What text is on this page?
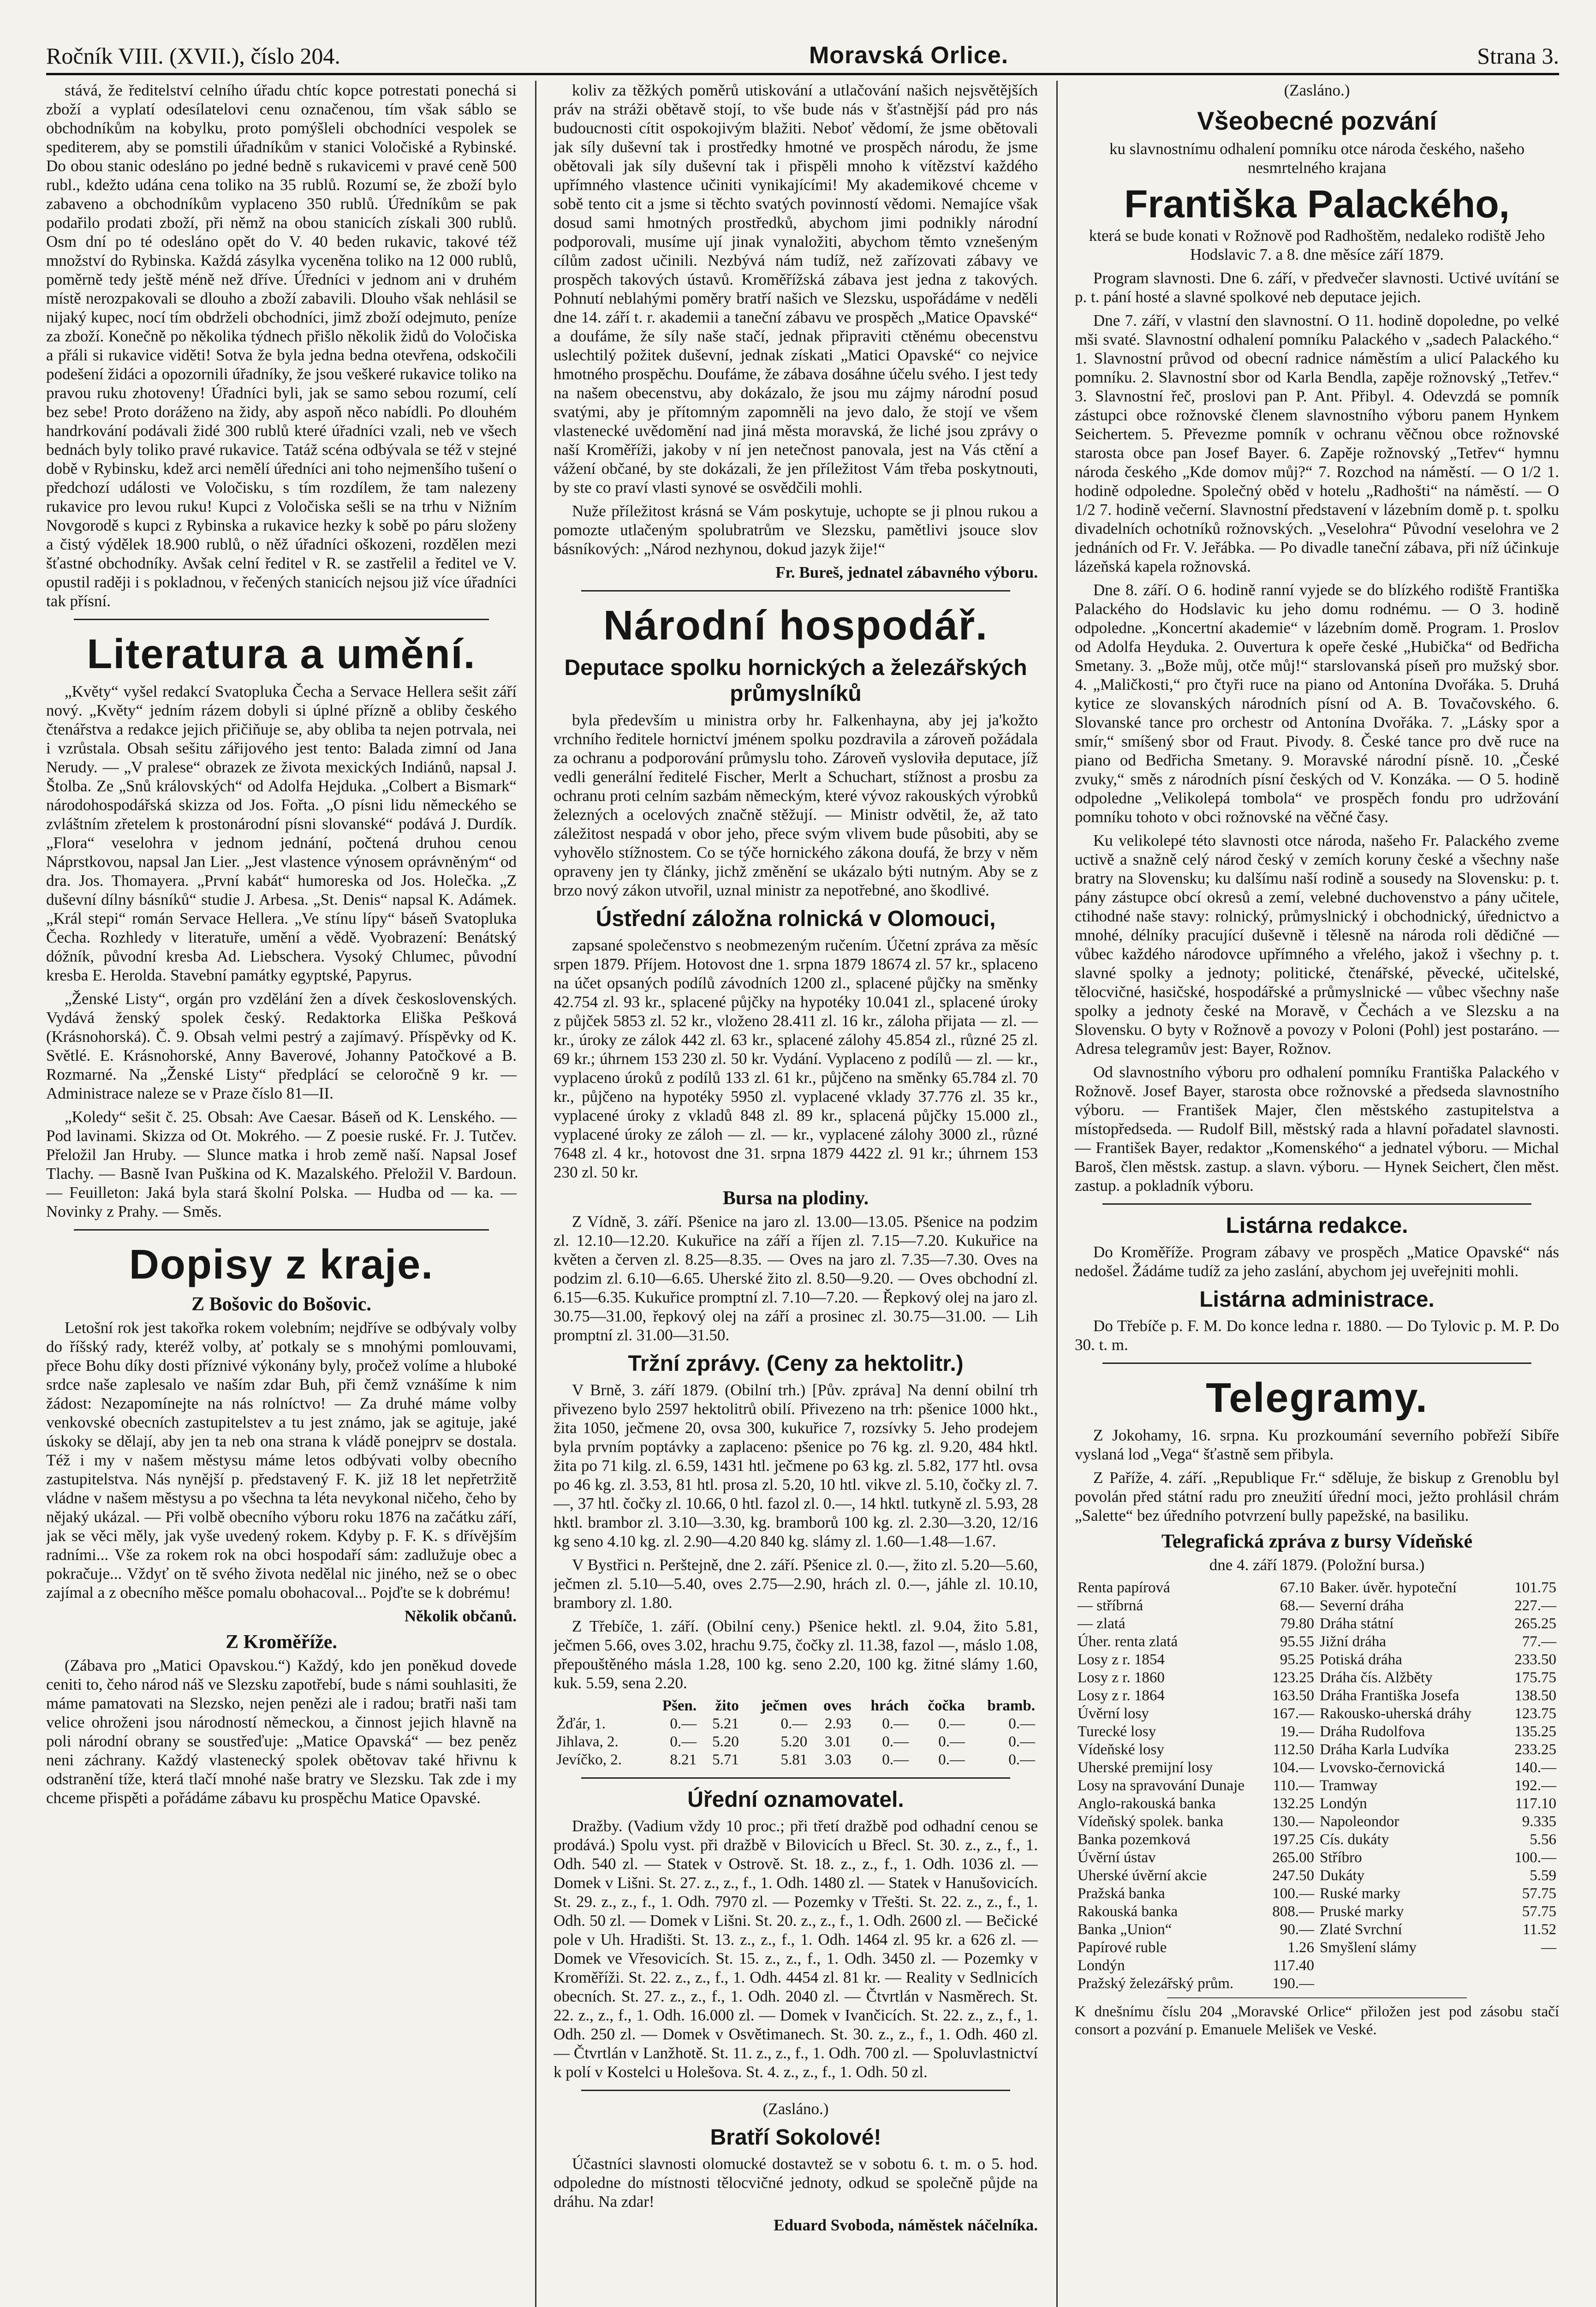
Ročník VIII. (XVII.), číslo 204.	Moravská Orlice.	Strana 3.

stává, že ředitelství celního úřadu chtíc kopce potrestati ponechá si zboží a vyplatí odesílatelovi cenu označenou, tím však sáblo se obchodníkům na kobylku, proto pomýšleli obchodníci vespolek se spediterem, aby se pomstili úřadníkům v stanici Voločiské a Rybinské. Do obou stanic odesláno po jedné bedně s rukavicemi v pravé ceně 500 rubl., kdežto udána cena toliko na 35 rublů. Rozumí se, že zboží bylo zabaveno a obchodníkům vyplaceno 350 rublů. Úředníkům se pak podařilo prodati zboží, při němž na obou stanicích získali 300 rublů. Osm dní po té odesláno opět do V. 40 beden rukavic, takové též množství do Rybinska. Každá zásylka vyceněna toliko na 12 000 rublů, poměrně tedy ještě méně než dříve. Úředníci v jednom ani v druhém místě nerozpakovali se dlouho a zboží zabavili. Dlouho však nehlásil se nijaký kupec, nocí tím obdrželi obchodníci, jimž zboží odejmuto, peníze za zboží. Konečně po několika týdnech přišlo několik židů do Voločiska a přáli si rukavice viděti! Sotva že byla jedna bedna otevřena, odskočili podešení židáci a opozornili úřadníky, že jsou veškeré rukavice toliko na pravou ruku zhotoveny! Úřadníci byli, jak se samo sebou rozumí, celí bez sebe! Proto doráženo na židy, aby aspoň něco nabídli. Po dlouhém handrkování podávali židé 300 rublů které úřadníci vzali, neb ve všech bednách byly toliko pravé rukavice. Tatáž scéna odbývala se též v stejné době v Rybinsku, kdež arci nemělí úředníci ani toho nejmenšího tušení o předchozí události ve Voločisku, s tím rozdílem, že tam nalezeny rukavice pro levou ruku! Kupci z Voločiska sešli se na trhu v Nižním Novgorodě s kupci z Rybinska a rukavice hezky k sobě po páru složeny a čistý výdělek 18.900 rublů, o něž úřadníci oškozeni, rozdělen mezi šťastné obchodníky. Avšak celní ředitel v R. se zastřelil a ředitel ve V. opustil raději i s pokladnou, v řečených stanicích nejsou již více úřadníci tak přísní.

Literatura a umění.

„Květy“ vyšel redakcí Svatopluka Čecha a Servace Hellera sešit září nový. „Květy“ jedním rázem dobyli si úplné přízně a obliby českého čtenářstva a redakce jejich přičiňuje se, aby obliba ta nejen potrvala, nei i vzrůstala. Obsah sešitu zářijového jest tento: Balada zimní od Jana Nerudy. — „V pralese“ obrazek ze života mexických Indiánů, napsal J. Štolba. Ze „Snů královských“ od Adolfa Hejduka. „Colbert a Bismark“ národohospodářská skizza od Jos. Fořta. „O písni lidu německého se zvláštním zřetelem k prostonárodní písni slovanské“ podává J. Durdík. „Flora“ veselohra v jednom jednání, počtená druhou cenou Náprstkovou, napsal Jan Lier. „Jest vlastence výnosem oprávněným“ od dra. Jos. Thomayera. „První kabát“ humoreska od Jos. Holečka. „Z duševní dílny básníků“ studie J. Arbesa. „St. Denis“ napsal K. Adámek. „Král stepi“ román Servace Hellera. „Ve stínu lípy“ báseň Svatopluka Čecha. Rozhledy v literatuře, umění a vědě. Vyobrazení: Benátský dóžník, původní kresba Ad. Liebschera. Vysoký Chlumec, původní kresba E. Herolda. Stavební památky egyptské, Papyrus.

„Ženské Listy“, orgán pro vzdělání žen a dívek československých. Vydává ženský spolek český. Redaktorka Eliška Pešková (Krásnohorská). Č. 9. Obsah velmi pestrý a zajímavý. Příspěvky od K. Světlé. E. Krásnohorské, Anny Baverové, Johanny Patočkové a B. Rozmarné. Na „Ženské Listy“ předplácí se celoročně 9 kr. — Administrace naleze se v Praze číslo 81—II.

„Koledy“ sešit č. 25. Obsah: Ave Caesar. Báseň od K. Lenského. — Pod lavinami. Skizza od Ot. Mokrého. — Z poesie ruské. Fr. J. Tutčev. Přeložil Jan Hruby. — Slunce matka i hrob země naší. Napsal Josef Tlachy. — Basně Ivan Puškina od K. Mazalského. Přeložil V. Bardoun. — Feuilleton: Jaká byla stará školní Polska. — Hudba od — ka. — Novinky z Prahy. — Směs.

Dopisy z kraje.
Z Bošovic do Bošovic.

Letošní rok jest takořka rokem volebním; nejdříve se odbývaly volby do říšský rady, kteréž volby, ať potkaly se s mnohými pomlouvami, přece Bohu díky dosti příznivé výkonány byly, pročež volíme a hluboké srdce naše zaplesalo ve naším zdar Buh, při čemž vznášíme k nim žádost: Nezapomínejte na nás rolníctvo! — Za druhé máme volby venkovské obecních zastupitelstev a tu jest známo, jak se agituje, jaké úskoky se dělají, aby jen ta neb ona strana k vládě ponejprv se dostala. Též i my v našem městysu máme letos odbývati volby obecního zastupitelstva. Nás nynější p. představený F. K. již 18 let nepřetržitě vládne v našem městysu a po všechna ta léta nevykonal ničeho, čeho by nějaký ukázal. — Při volbě obecního výboru roku 1876 na začátku září, jak se věci měly, jak vyše uvedený rokem. Kdyby p. F. K. s dřívějším radními... Vše za rokem rok na obci hospodaří sám: zadlužuje obec a pokračuje... Vždyť on tě svého života nedělal nic jiného, než se o obec zajímal a z obecního měšce pomalu obohacoval... Pojďte se k dobrému!

Několik občanů.

Z Kroměříže.

(Zábava pro „Matici Opavskou.“) Každý, kdo jen poněkud dovede ceniti to, čeho národ náš ve Slezsku zapotřebí, bude s námi souhlasiti, že máme pamatovati na Slezsko, nejen penězi ale i radou; bratři naši tam velice ohroženi jsou národností německou, a činnost jejich hlavně na poli národní obrany se soustřeďuje: „Matice Opavská“ — bez peněz neni záchrany. Každý vlastenecký spolek obětovav také hřivnu k odstranění tíže, která tlačí mnohé naše bratry ve Slezsku. Tak zde i my chceme přispěti a pořádáme zábavu ku prospěchu Matice Opavské.

koliv za těžkých poměrů utiskování a utlačování našich nejsvětějších práv na stráži obětavě stojí, to vše bude nás v šťastnější pád pro nás budoucnosti cítit ospokojivým blažiti. Neboť vědomí, že jsme obětovali jak síly duševní tak i prostředky hmotné ve prospěch národu, že jsme obětovali jak síly duševní tak i přispěli mnoho k vítězství každého upřímného vlastence učiniti vynikajícími! My akademikové chceme v sobě tento cit a jsme si těchto svatých povinností vědomi. Nemajíce však dosud sami hmotných prostředků, abychom jimi podnikly národní podporovali, musíme ují jinak vynaložiti, abychom těmto vznešeným cílům zadost učinili. Nezbývá nám tudíž, než zařízovati zábavy ve prospěch takových ústavů. Kroměřížská zábava jest jedna z takových. Pohnutí neblahými poměry bratří našich ve Slezsku, uspořádáme v neděli dne 14. září t. r. akademii a taneční zábavu ve prospěch „Matice Opavské“ a doufáme, že síly naše stačí, jednak připraviti ctěnému obecenstvu uslechtilý požitek duševní, jednak získati „Matici Opavské“ co nejvice hmotného prospěchu. Doufáme, že zábava dosáhne účelu svého. I jest tedy na našem obecenstvu, aby dokázalo, že jsou mu zájmy národní posud svatými, aby je přítomným zapomněli na jevo dalo, že stojí ve všem vlastenecké uvědomění nad jiná města moravská, že liché jsou zprávy o naší Kroměříži, jakoby v ní jen netečnost panovala, jest na Vás ctění a vážení občané, by ste dokázali, že jen příležitost Vám třeba poskytnouti, by ste co praví vlasti synové se osvědčili mohli.

Nuže příležitost krásná se Vám poskytuje, uchopte se ji plnou rukou a pomozte utlačeným spolubratrům ve Slezsku, pamětlivi jsouce slov básníkových: „Národ nezhynou, dokud jazyk žije!“

Fr. Bureš, jednatel zábavného výboru.

Národní hospodář.
Deputace spolku hornických a železářských průmyslníků

byla především u ministra orby hr. Falkenhayna, aby jej ja'kožto vrchního ředitele hornictví jménem spolku pozdravila a zároveň požádala za ochranu a podporování průmyslu toho. Zároveň vysloviła deputace, jíž vedli generální ředitelé Fischer, Merlt a Schuchart, stížnost a prosbu za ochranu proti celním sazbám německým, které vývoz rakouských výrobků železných a ocelových značně stěžují. — Ministr odvětil, že, až tato záležitost nespadá v obor jeho, přece svým vlivem bude působiti, aby se vyhovělo stížnostem. Co se týče hornického zákona doufá, že brzy v něm opraveny jen ty články, jichž změnění se ukázalo býti nutným. Aby se z brzo nový zákon utvořil, uznal ministr za nepotřebné, ano škodlivé.

Ústřední záložna rolnická v Olomouci,

zapsané společenstvo s neobmezeným ručením. Účetní zpráva za měsíc srpen 1879. Příjem. Hotovost dne 1. srpna 1879 18674 zl. 57 kr., splaceno na účet opsaných podílů závodních 1200 zl., splacené půjčky na směnky 42.754 zl. 93 kr., splacené půjčky na hypotéky 10.041 zl., splacené úroky z půjček 5853 zl. 52 kr., vloženo 28.411 zl. 16 kr., záloha přijata — zl. — kr., úroky ze zálok 442 zl. 63 kr., splacené zálohy 45.854 zl., různé 25 zl. 69 kr.; úhrnem 153 230 zl. 50 kr. Vydání. Vyplaceno z podílů — zl. — kr., vyplaceno úroků z podílů 133 zl. 61 kr., půjčeno na směnky 65.784 zl. 70 kr., půjčeno na hypotéky 5950 zl. vyplacené vklady 37.776 zl. 35 kr., vyplacené úroky z vkladů 848 zl. 89 kr., splacená půjčky 15.000 zl., vyplacené úroky ze záloh — zl. — kr., vyplacené zálohy 3000 zl., různé 7648 zl. 4 kr., hotovost dne 31. srpna 1879 4422 zl. 91 kr.; úhrnem 153 230 zl. 50 kr.

Bursa na plodiny.

Z Vídně, 3. září. Pšenice na jaro zl. 13.00—13.05. Pšenice na podzim zl. 12.10—12.20. Kukuřice na září a říjen zl. 7.15—7.20. Kukuřice na květen a červen zl. 8.25—8.35. — Oves na jaro zl. 7.35—7.30. Oves na podzim zl. 6.10—6.65. Uherské žito zl. 8.50—9.20. — Oves obchodní zl. 6.15—6.35. Kukuřice promptní zl. 7.10—7.20. — Řepkový olej na jaro zl. 30.75—31.00, řepkový olej na září a prosinec zl. 30.75—31.00. — Lih promptní zl. 31.00—31.50.

Tržní zprávy. (Ceny za hektolitr.)

V Brně, 3. září 1879. (Obilní trh.) [Pův. zpráva] Na denní obilní trh přivezeno bylo 2597 hektolitrů obilí. Přivezeno na trh: pšenice 1000 hkt., žita 1050, ječmene 20, ovsa 300, kukuřice 7, rozsívky 5. Jeho prodejem byla prvním poptávky a zaplaceno: pšenice po 76 kg. zl. 9.20, 484 hktl. žita po 71 kilg. zl. 6.59, 1431 htl. ječmene po 63 kg. zl. 5.82, 177 htl. ovsa po 46 kg. zl. 3.53, 81 htl. prosa zl. 5.20, 10 htl. vikve zl. 5.10, čočky zl. 7.—, 37 htl. čočky zl. 10.66, 0 htl. fazol zl. 0.—, 14 hktl. tutkyně zl. 5.93, 28 hktl. brambor zl. 3.10—3.30, kg. bramborů 100 kg. zl. 2.30—3.20, 12/16 kg seno 4.10 kg. zl. 2.90—4.20 840 kg. slámy zl. 1.60—1.48—1.67.

V Bystřici n. Perštejně, dne 2. září. Pšenice zl. 0.—, žito zl. 5.20—5.60, ječmen zl. 5.10—5.40, oves 2.75—2.90, hrách zl. 0.—, jáhle zl. 10.10, brambory zl. 1.80.

Z Třebíče, 1. září. (Obilní ceny.) Pšenice hektl. zl. 9.04, žito 5.81, ječmen 5.66, oves 3.02, hrachu 9.75, čočky zl. 11.38, fazol —, máslo 1.08, přepouštěného másla 1.28, 100 kg. seno 2.20, 100 kg. žitné slámy 1.60, kuk. 5.59, sena 2.20.

	Pšen.	žito	ječmen	oves	hrách	čočka	bramb.
Žďár, 1.	0.—	5.21	0.—	2.93	0.—	0.—	0.—
Jihlava, 2.	0.—	5.20	5.20	3.01	0.—	0.—	0.—
Jevíčko, 2.	8.21	5.71	5.81	3.03	0.—	0.—	0.—
Úřední oznamovatel.

Dražby. (Vadium vždy 10 proc.; při třetí dražbě pod odhadní cenou se prodává.) Spolu vyst. při dražbě v Bilovicích u Břecl. St. 30. z., z., f., 1. Odh. 540 zl. — Statek v Ostrově. St. 18. z., z., f., 1. Odh. 1036 zl. — Domek v Lišni. St. 27. z., z., f., 1. Odh. 1480 zl. — Statek v Hanušovicích. St. 29. z., z., f., 1. Odh. 7970 zl. — Pozemky v Třešti. St. 22. z., z., f., 1. Odh. 50 zl. — Domek v Lišni. St. 20. z., z., f., 1. Odh. 2600 zl. — Bečické pole v Uh. Hradišti. St. 13. z., z., f., 1. Odh. 1464 zl. 95 kr. a 626 zl. — Domek ve Vřesovicích. St. 15. z., z., f., 1. Odh. 3450 zl. — Pozemky v Kroměříži. St. 22. z., z., f., 1. Odh. 4454 zl. 81 kr. — Reality v Sedlnicích obecních. St. 27. z., z., f., 1. Odh. 2040 zl. — Čtvrtlán v Nasměrech. St. 22. z., z., f., 1. Odh. 16.000 zl. — Domek v Ivančicích. St. 22. z., z., f., 1. Odh. 250 zl. — Domek v Osvětimanech. St. 30. z., z., f., 1. Odh. 460 zl. — Čtvrtlán v Lanžhotě. St. 11. z., z., f., 1. Odh. 700 zl. — Spoluvlastnictví k polí v Kostelci u Holešova. St. 4. z., z., f., 1. Odh. 50 zl.

(Zasláno.)

Bratří Sokolové!

Účastníci slavnosti olomucké dostavtež se v sobotu 6. t. m. o 5. hod. odpoledne do místnosti tělocvičné jednoty, odkud se společně půjde na dráhu. Na zdar!

Eduard Svoboda, náměstek náčelníka.

(Zasláno.)

Všeobecné pozvání

ku slavnostnímu odhalení pomníku otce národa českého, našeho nesmrtelného krajana

Františka Palackého,

která se bude konati v Rožnově pod Radhoštěm, nedaleko rodiště Jeho Hodslavic 7. a 8. dne měsíce září 1879.

Program slavnosti. Dne 6. září, v předvečer slavnosti. Uctivé uvítání se p. t. pání hosté a slavné spolkové neb deputace jejich.

Dne 7. září, v vlastní den slavnostní. O 11. hodině dopoledne, po velké mši svaté. Slavnostní odhalení pomníku Palackého v „sadech Palackého.“ 1. Slavnostní průvod od obecní radnice náměstím a ulicí Palackého ku pomníku. 2. Slavnostní sbor od Karla Bendla, zapěje rožnovský „Tetřev.“ 3. Slavnostní řeč, proslovi pan P. Ant. Přibyl. 4. Odevzdá se pomník zástupci obce rožnovské členem slavnostního výboru panem Hynkem Seichertem. 5. Převezme pomník v ochranu věčnou obce rožnovské starosta obce pan Josef Bayer. 6. Zapěje rožnovský „Tetřev“ hymnu národa českého „Kde domov můj?“ 7. Rozchod na náměstí. — O 1/2 1. hodině odpoledne. Společný oběd v hotelu „Radhošti“ na náměstí. — O 1/2 7. hodině večerní. Slavnostní představení v lázebním domě p. t. spolku divadelních ochotníků rožnovských. „Veselohra“ Původní veselohra ve 2 jednáních od Fr. V. Jeřábka. — Po divadle taneční zábava, při níž účinkuje lázeňská kapela rožnovská.

Dne 8. září. O 6. hodině ranní vyjede se do blízkého rodiště Františka Palackého do Hodslavic ku jeho domu rodnému. — O 3. hodině odpoledne. „Koncertní akademie“ v lázebním domě. Program. 1. Proslov od Adolfa Heyduka. 2. Ouvertura k opeře české „Hubička“ od Bedřicha Smetany. 3. „Bože můj, otče můj!“ starslovanská píseň pro mužský sbor. 4. „Maličkosti,“ pro čtyři ruce na piano od Antonína Dvořáka. 5. Druhá kytice ze slovanských národních písní od A. B. Tovačovského. 6. Slovanské tance pro orchestr od Antonína Dvořáka. 7. „Lásky spor a smír,“ smíšený sbor od Fraut. Pivody. 8. České tance pro dvě ruce na piano od Bedřicha Smetany. 9. Moravské národní písně. 10. „České zvuky,“ směs z národních písní českých od V. Konzáka. — O 5. hodině odpoledne „Velikolepá tombola“ ve prospěch fondu pro udržování pomníku tohoto v obci rožnovské na věčné časy.

Ku velikolepé této slavnosti otce národa, našeho Fr. Palackého zveme uctivě a snažně celý národ český v zemích koruny české a všechny naše bratry na Slovensku; ku dalšímu naší rodině a sousedy na Slovensku: p. t. pány zástupce obcí okresů a zemí, velebné duchovenstvo a pány učitele, ctihodné naše stavy: rolnický, průmyslnický i obchodnický, úřednictvo a mnohé, délníky pracující duševně i tělesně na národa roli dědičné — vůbec každého národovce upřímného a vřelého, jakož i všechny p. t. slavné spolky a jednoty; politické, čtenářské, pěvecké, učitelské, tělocvičné, hasičské, hospodářské a průmyslnické — vůbec všechny naše spolky a jednoty české na Moravě, v Čechách a ve Slezsku a na Slovensku. O byty v Rožnově a povozy v Poloni (Pohl) jest postaráno. — Adresa telegramův jest: Bayer, Rožnov.

Od slavnostního výboru pro odhalení pomníku Františka Palackého v Rožnově. Josef Bayer, starosta obce rožnovské a předseda slavnostního výboru. — František Majer, člen městského zastupitelstva a místopředseda. — Rudolf Bill, městský rada a hlavní pořadatel slavnosti. — František Bayer, redaktor „Komenského“ a jednatel výboru. — Michal Baroš, člen městsk. zastup. a slavn. výboru. — Hynek Seichert, člen měst. zastup. a pokladník výboru.

Listárna redakce.

Do Kroměříže. Program zábavy ve prospěch „Matice Opavské“ nás nedošel. Žádáme tudíž za jeho zaslání, abychom jej uveřejniti mohli.

Listárna administrace.

Do Třebíče p. F. M. Do konce ledna r. 1880. — Do Tylovic p. M. P. Do 30. t. m.

Telegramy.

Z Jokohamy, 16. srpna. Ku prozkoumání severního pobřeží Sibíře vyslaná lod „Vega“ šťastně sem přibyla.

Z Paříže, 4. září. „Republique Fr.“ sděluje, že biskup z Grenoblu byl povolán před státní radu pro zneužití úřední moci, ježto prohlásil chrám „Salette“ bez úředního potvrzení bully papežské, na basiliku.

Telegrafická zpráva z bursy Vídeňské

dne 4. září 1879. (Položní bursa.)

Renta papírová	67.10	Baker. úvěr. hypoteční	101.75
— stříbrná	68.—	Severní dráha	227.—
— zlatá	79.80	Dráha státní	265.25
Úher. renta zlatá	95.55	Jižní dráha	77.—
Losy z r. 1854	95.25	Potiská dráha	233.50
Losy z r. 1860	123.25	Dráha čís. Alžběty	175.75
Losy z r. 1864	163.50	Dráha Františka Josefa	138.50
Úvěrní losy	167.—	Rakousko-uherská dráhy	123.75
Turecké losy	19.—	Dráha Rudolfova	135.25
Vídeňské losy	112.50	Dráha Karla Ludvíka	233.25
Uherské premijní losy	104.—	Lvovsko-černovická	140.—
Losy na spravování Dunaje	110.—	Tramway	192.—
Anglo-rakouská banka	132.25	Londýn	117.10
Vídeňský spolek. banka	130.—	Napoleondor	9.335
Banka pozemková	197.25	Cís. dukáty	5.56
Úvěrní ústav	265.00	Stříbro	100.—
Uherské úvěrní akcie	247.50	Dukáty	5.59
Pražská banka	100.—	Ruské marky	57.75
Rakouská banka	808.—	Pruské marky	57.75
Banka „Union“	90.—	Zlaté Svrchní	11.52
Papírové ruble	1.26	Smyšlení slámy	—
Londýn	117.40		
Pražský železářský prům.	190.—		

K dnešnímu číslu 204 „Moravské Orlice“ přiložen jest pod zásobu stačí consort a pozvání p. Emanuele Melišek ve Veské.
